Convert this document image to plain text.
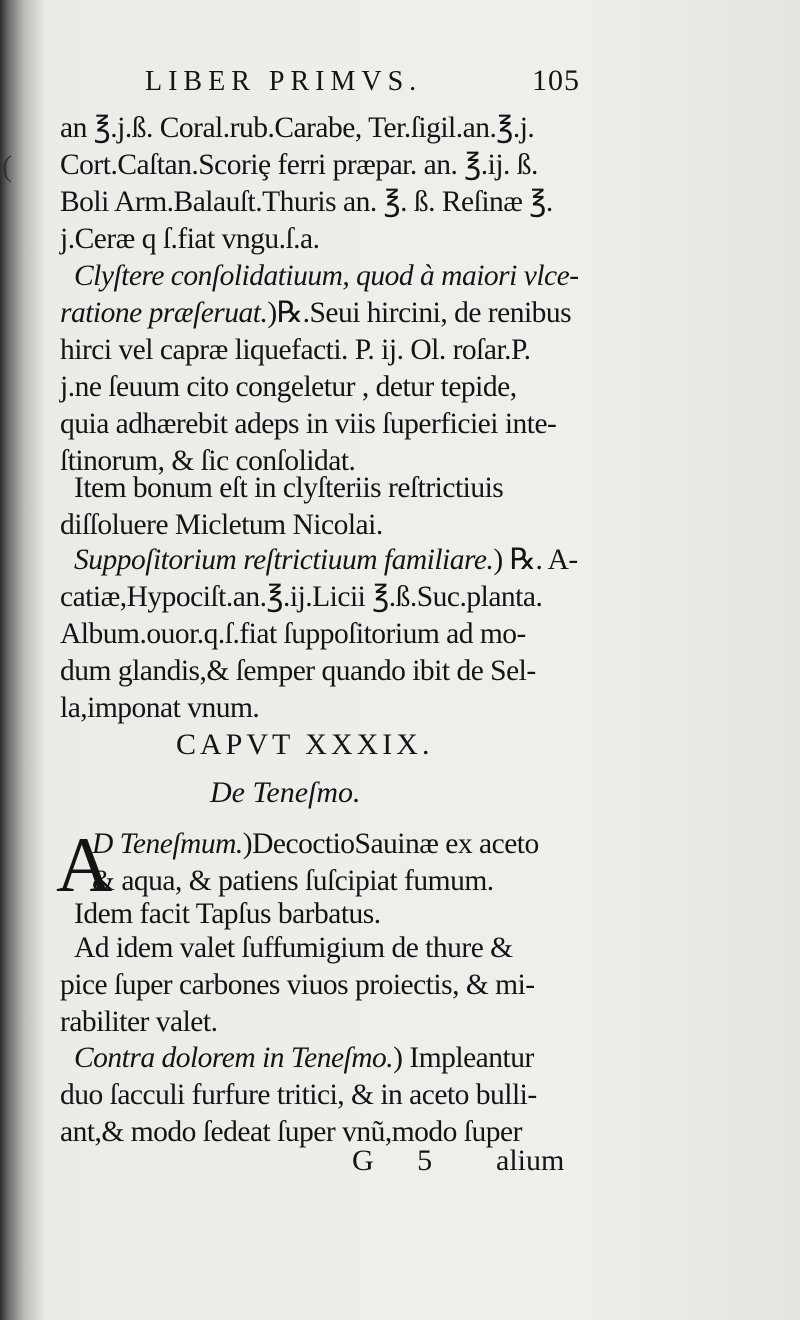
(
LIBER PRIMVS.	105
an ℥.j.ß. Coral.rub.Carabe, Ter.ſigil.an.℥.j.
Cort.Caſtan.Scoriȩ ferri præpar. an. ℥.ij. ß.
Boli Arm.Balauſt.Thuris an. ℥. ß. Reſinæ ℥.
j.Ceræ q ſ.fiat vngu.ſ.a.
Clyſtere conſolidatiuum, quod à maiori vlce-
ratione præſeruat.)℞.Seui hircini, de renibus
hirci vel capræ liquefacti. P. ij. Ol. roſar.P.
j.ne ſeuum cito congeletur , detur tepide,
quia adhærebit adeps in viis ſuperficiei inte-
ſtinorum, & ſic conſolidat.
Item bonum eſt in clyſteriis reſtrictiuis
diſſoluere Micletum Nicolai.
Suppoſitorium reſtrictiuum familiare.) ℞. A-
catiæ,Hypociſt.an.℥.ij.Licii ℥.ß.Suc.planta.
Album.ouor.q.ſ.fiat ſuppoſitorium ad mo-
dum glandis,& ſemper quando ibit de Sel-
la,imponat vnum.
CAPVT XXXIX.
De Teneſmo.
A
D Teneſmum.)DecoctioSauinæ ex aceto
& aqua, & patiens ſuſcipiat fumum.
Idem facit Tapſus barbatus.
Ad idem valet ſuffumigium de thure &
pice ſuper carbones viuos proiectis, & mi-
rabiliter valet.
Contra dolorem in Teneſmo.) Impleantur
duo ſacculi furfure tritici, & in aceto bulli-
ant,& modo ſedeat ſuper vnũ,modo ſuper
G 5 alium
